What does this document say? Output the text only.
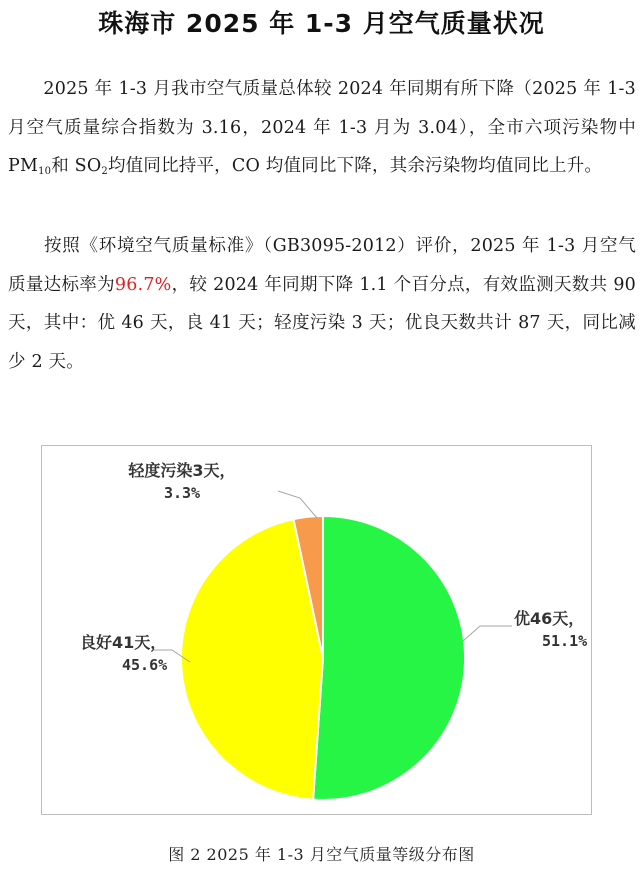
珠海市 2025 年 1-3 月空气质量状况

  2025 年 1-3 月我市空气质量总体较 2024 年同期有所下降（2025 年 1-3 月空气质量综合指数为 3.16，2024 年 1-3 月为 3.04），全市六项污染物中 $PM_{10}$和 $SO_2$均值同比持平，CO 均值同比下降，其余污染物均值同比上升。

  按照《环境空气质量标准》（GB3095-2012）评价，2025 年 1-3 月空气质量达标率为96.7%，较 2024 年同期下降 1.1 个百分点，有效监测天数共 90 天，其中：优 46 天，良 41 天；轻度污染 3 天；优良天数共计 87 天，同比减少 2 天。

优46天，
51.1%
良好41天，
45.6%
轻度污染3天，
3.3%
图 2 2025 年 1-3 月空气质量等级分布图
